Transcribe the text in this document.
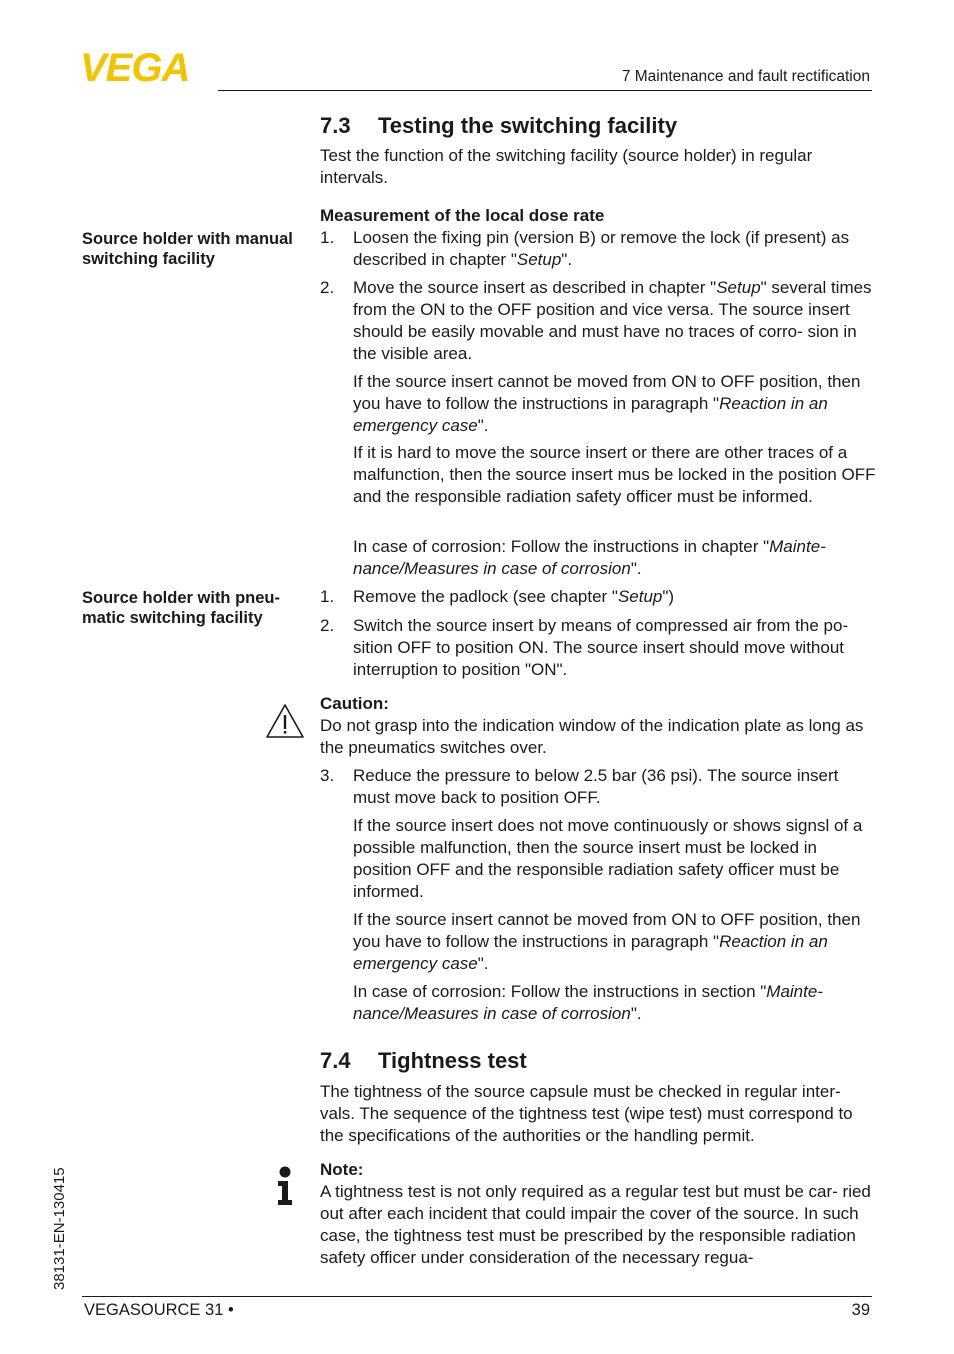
VEGA	7 Maintenance and fault rectification
7.3 Testing the switching facility

Test the function of the switching facility (source holder) in regular intervals.

Measurement of the local dose rate

Source holder with manual switching facility
1. Loosen the fixing pin (version B) or remove the lock (if present) as described in chapter "Setup".
2. Move the source insert as described in chapter "Setup" several times from the ON to the OFF position and vice versa. The source insert should be easily movable and must have no traces of corro- sion in the visible area.

If the source insert cannot be moved from ON to OFF position, then you have to follow the instructions in paragraph "Reaction in an emergency case".

If it is hard to move the source insert or there are other traces of a malfunction, then the source insert mus be locked in the position OFF and the responsible radiation safety officer must be informed.

In case of corrosion: Follow the instructions in chapter "Mainte- nance/Measures in case of corrosion".

Source holder with pneu- matic switching facility
1. Remove the padlock (see chapter "Setup")
2. Switch the source insert by means of compressed air from the po- sition OFF to position ON. The source insert should move without interruption to position "ON".

Caution:

Do not grasp into the indication window of the indication plate as long as the pneumatics switches over.

3. Reduce the pressure to below 2.5 bar (36 psi). The source insert must move back to position OFF.

If the source insert does not move continuously or shows signsl of a possible malfunction, then the source insert must be locked in position OFF and the responsible radiation safety officer must be informed.

If the source insert cannot be moved from ON to OFF position, then you have to follow the instructions in paragraph "Reaction in an emergency case".

In case of corrosion: Follow the instructions in section "Mainte- nance/Measures in case of corrosion".

7.4 Tightness test

The tightness of the source capsule must be checked in regular inter- vals. The sequence of the tightness test (wipe test) must correspond to the specifications of the authorities or the handling permit.

Note:

A tightness test is not only required as a regular test but must be car- ried out after each incident that could impair the cover of the source. In such case, the tightness test must be prescribed by the responsible radiation safety officer under consideration of the necessary regua-

38131-EN-130415
VEGASOURCE 31 •	39
